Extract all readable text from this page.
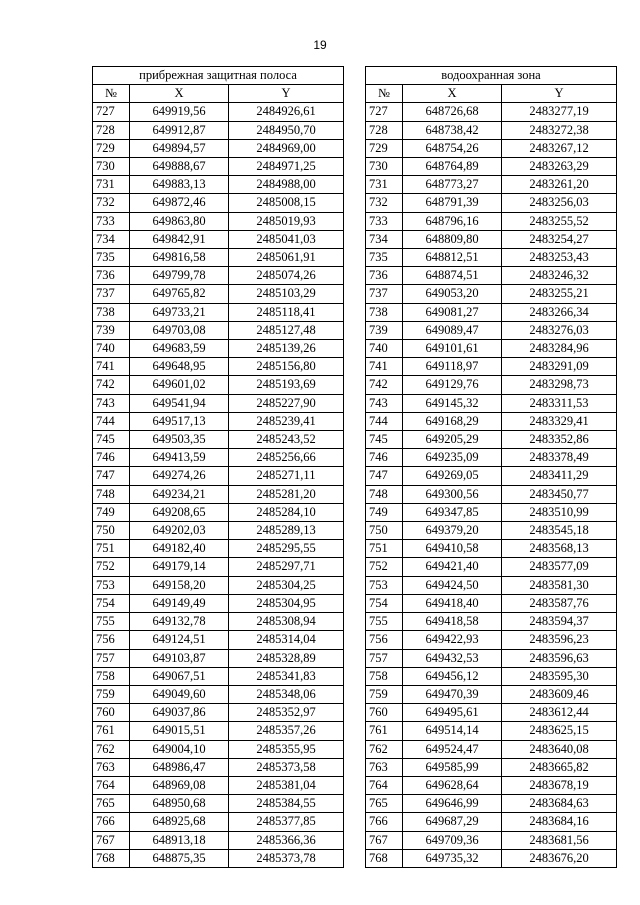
19
прибрежная защитная полоса		
№	X	Y
727	649919,56	2484926,61
728	649912,87	2484950,70
729	649894,57	2484969,00
730	649888,67	2484971,25
731	649883,13	2484988,00
732	649872,46	2485008,15
733	649863,80	2485019,93
734	649842,91	2485041,03
735	649816,58	2485061,91
736	649799,78	2485074,26
737	649765,82	2485103,29
738	649733,21	2485118,41
739	649703,08	2485127,48
740	649683,59	2485139,26
741	649648,95	2485156,80
742	649601,02	2485193,69
743	649541,94	2485227,90
744	649517,13	2485239,41
745	649503,35	2485243,52
746	649413,59	2485256,66
747	649274,26	2485271,11
748	649234,21	2485281,20
749	649208,65	2485284,10
750	649202,03	2485289,13
751	649182,40	2485295,55
752	649179,14	2485297,71
753	649158,20	2485304,25
754	649149,49	2485304,95
755	649132,78	2485308,94
756	649124,51	2485314,04
757	649103,87	2485328,89
758	649067,51	2485341,83
759	649049,60	2485348,06
760	649037,86	2485352,97
761	649015,51	2485357,26
762	649004,10	2485355,95
763	648986,47	2485373,58
764	648969,08	2485381,04
765	648950,68	2485384,55
766	648925,68	2485377,85
767	648913,18	2485366,36
768	648875,35	2485373,78
водоохранная зона		
№	X	Y
727	648726,68	2483277,19
728	648738,42	2483272,38
729	648754,26	2483267,12
730	648764,89	2483263,29
731	648773,27	2483261,20
732	648791,39	2483256,03
733	648796,16	2483255,52
734	648809,80	2483254,27
735	648812,51	2483253,43
736	648874,51	2483246,32
737	649053,20	2483255,21
738	649081,27	2483266,34
739	649089,47	2483276,03
740	649101,61	2483284,96
741	649118,97	2483291,09
742	649129,76	2483298,73
743	649145,32	2483311,53
744	649168,29	2483329,41
745	649205,29	2483352,86
746	649235,09	2483378,49
747	649269,05	2483411,29
748	649300,56	2483450,77
749	649347,85	2483510,99
750	649379,20	2483545,18
751	649410,58	2483568,13
752	649421,40	2483577,09
753	649424,50	2483581,30
754	649418,40	2483587,76
755	649418,58	2483594,37
756	649422,93	2483596,23
757	649432,53	2483596,63
758	649456,12	2483595,30
759	649470,39	2483609,46
760	649495,61	2483612,44
761	649514,14	2483625,15
762	649524,47	2483640,08
763	649585,99	2483665,82
764	649628,64	2483678,19
765	649646,99	2483684,63
766	649687,29	2483684,16
767	649709,36	2483681,56
768	649735,32	2483676,20
